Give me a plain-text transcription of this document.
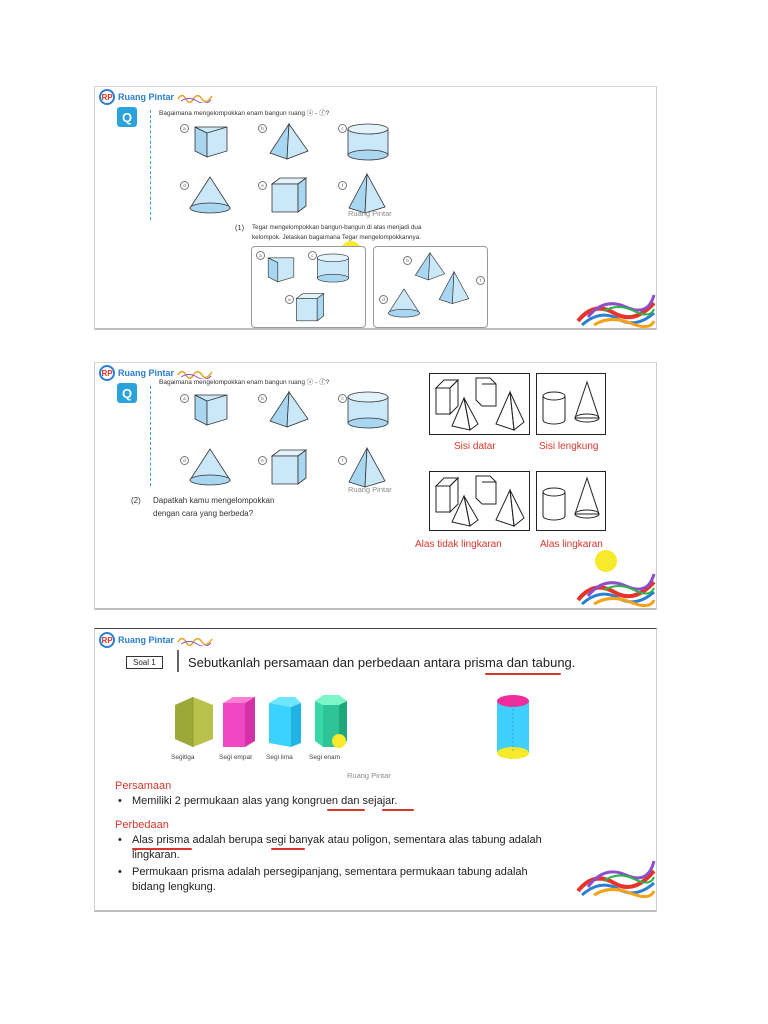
RP Ruang Pintar
Q	Bagaimana mengelompokkan enam bangun ruang ⓐ - ⓕ?
a	b	c
d	e	f
Ruang Pintar
(1) Tegar mengelompokkan bangun-bangun di atas menjadi dua
kelompok. Jelaskan bagaimana Tegar mengelompokkannya.
a	c
e
b
d
f
RP Ruang Pintar
Q
Bagaimana mengelompokkan enam bangun ruang ⓐ - ⓕ?
a	b	c
d	e	f
Ruang Pintar
(2) Dapatkah kamu mengelompokkan
dengan cara yang berbeda?
Sisi datar	Sisi lengkung
Alas tidak lingkaran	Alas lingkaran
RP Ruang Pintar
Soal 1	Sebutkanlah persamaan dan perbedaan antara prisma dan tabung.
Segitiga	Segi empat Segi lima	Segi enam
Ruang Pintar
Persamaan
• Memiliki 2 permukaan alas yang kongruen dan sejajar.
Perbedaan
• Alas prisma adalah berupa segi banyak atau poligon, sementara alas tabung adalah
lingkaran.
• Permukaan prisma adalah persegipanjang, sementara permukaan tabung adalah
bidang lengkung.
